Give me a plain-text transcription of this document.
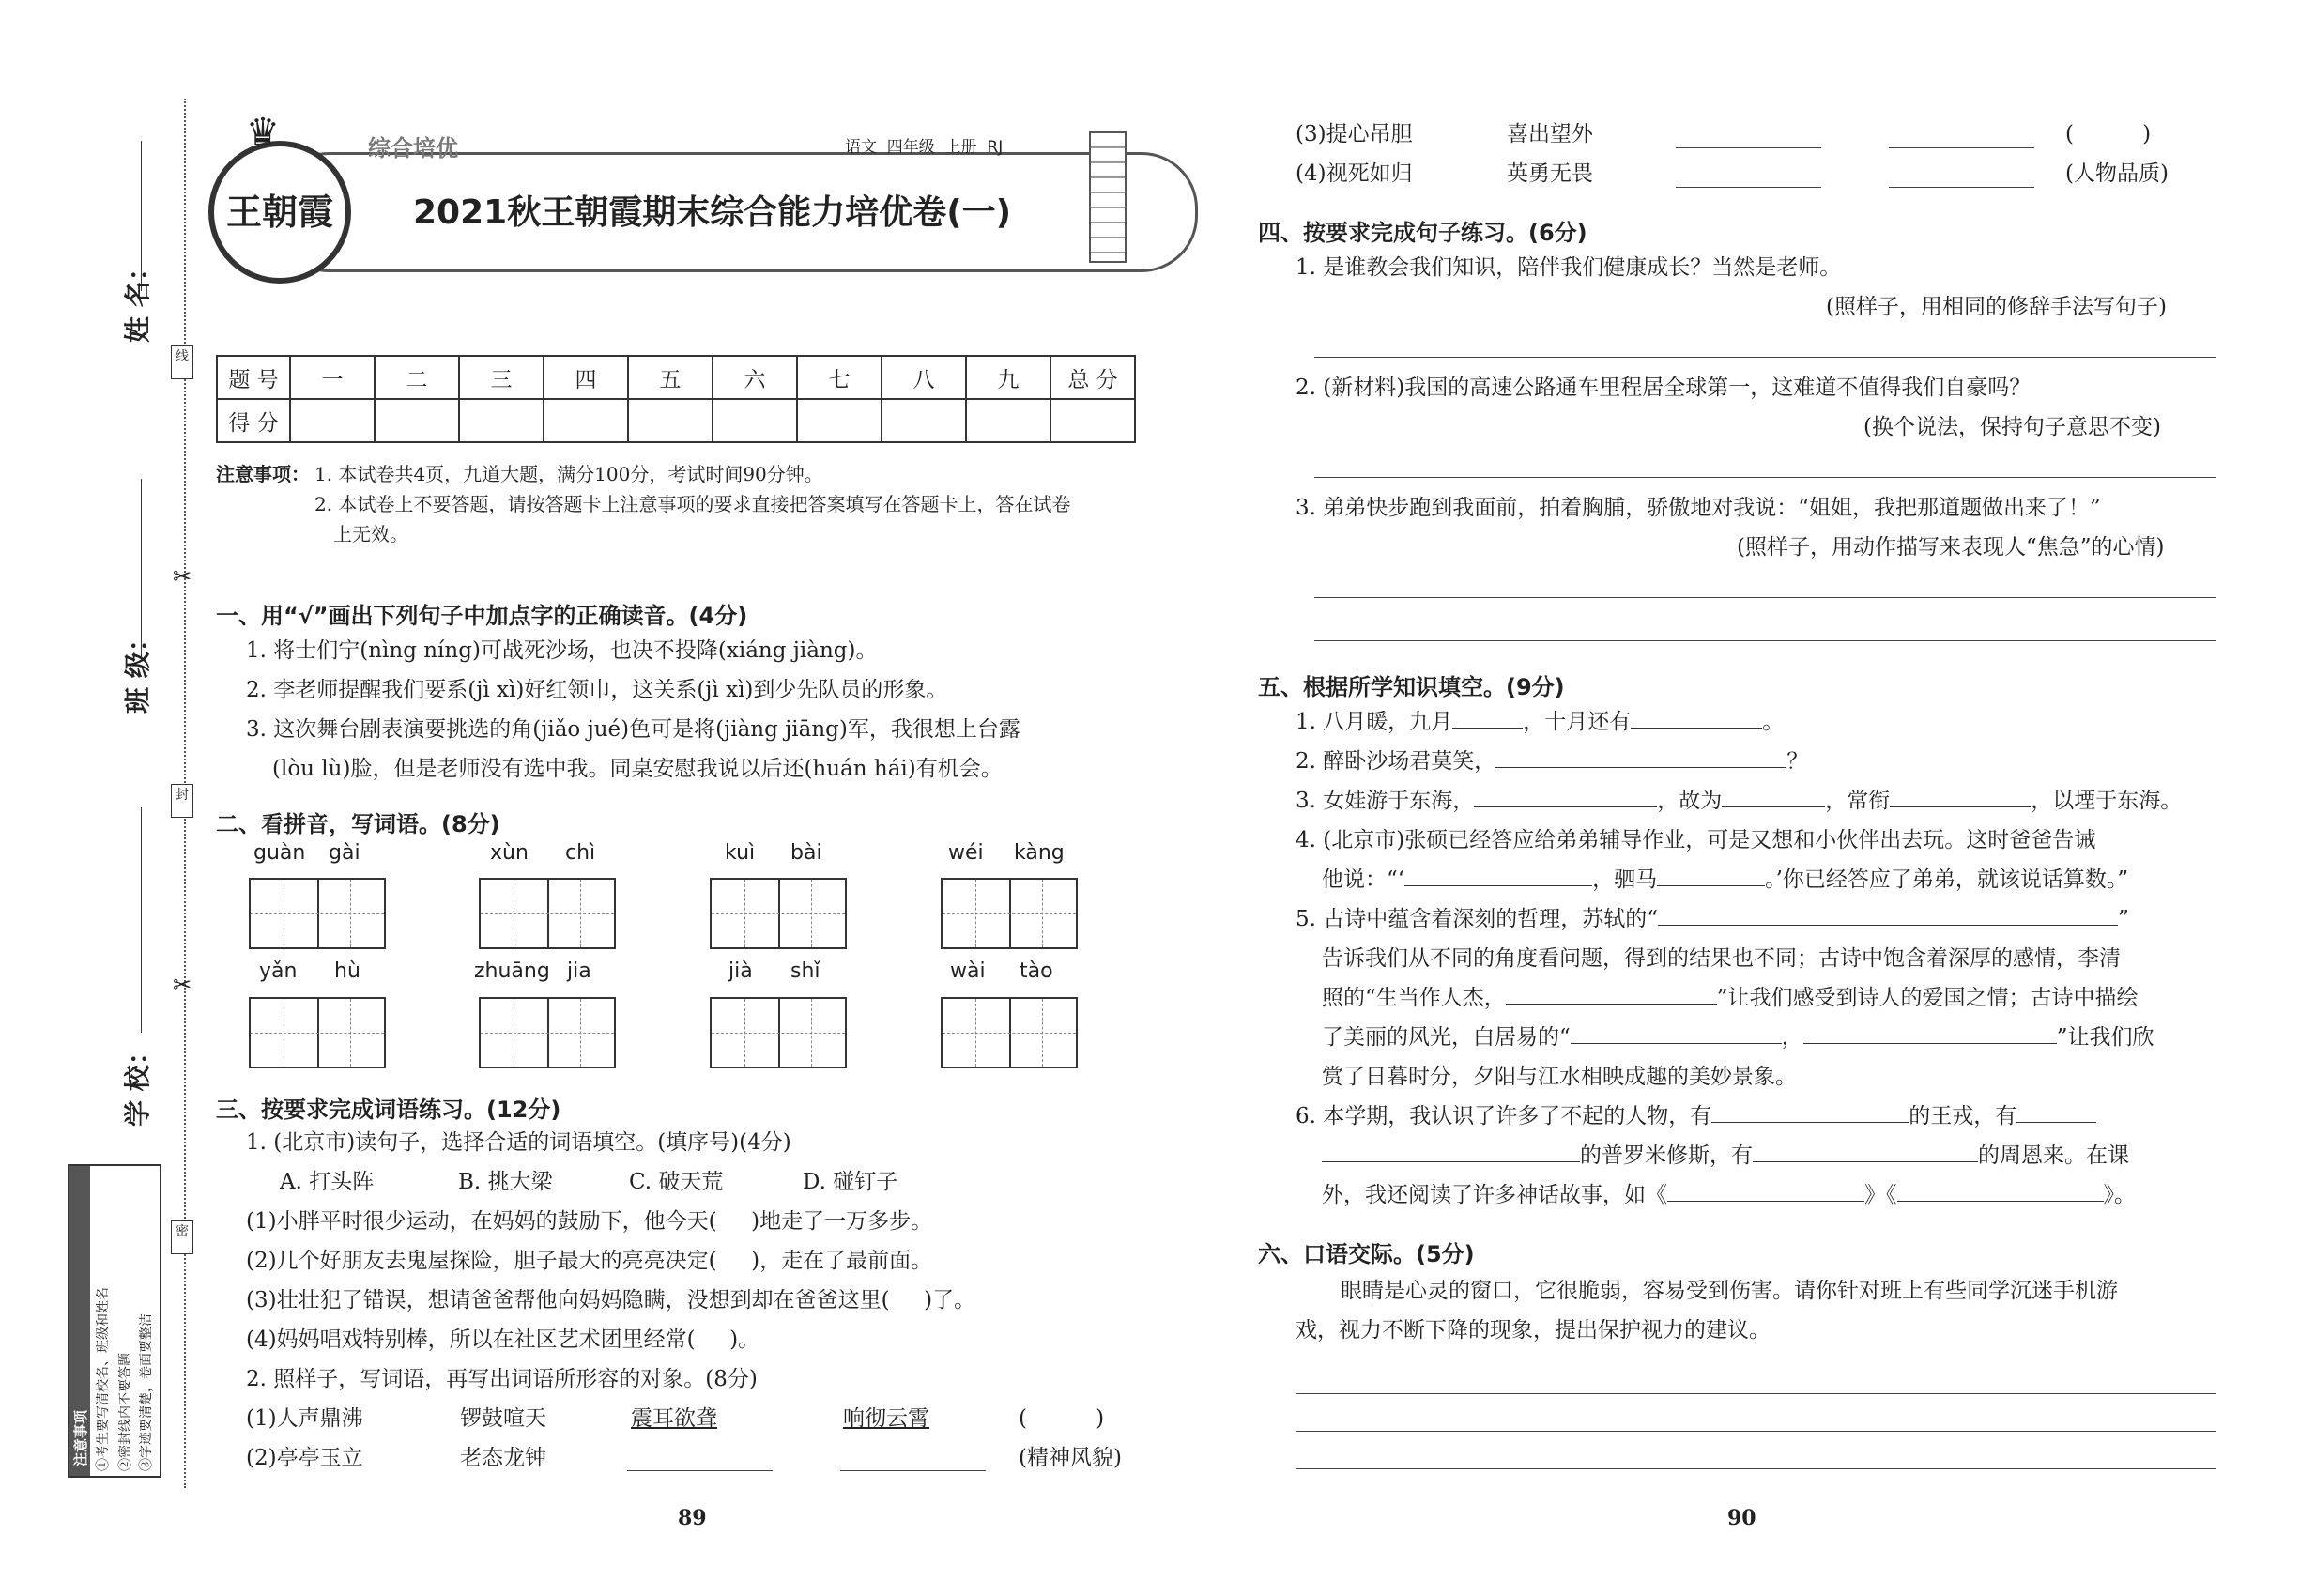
姓 名：
班 级：
学 校：
线
封
密
✂
✂
注意事项 ①考生要写清校名、班级和姓名 ②密封线内不要答题 ③字迹要清楚，卷面要整洁
王朝霞
♛	综合培优	语文  四年级  上册  RJ
2021秋王朝霞期末综合能力培优卷(一)
题 号	一	二	三	四	五	六	七	八	九	总 分
得 分										
注意事项： 1. 本试卷共4页，九道大题，满分100分，考试时间90分钟。
2. 本试卷上不要答题，请按答题卡上注意事项的要求直接把答案填写在答题卡上，答在试卷
上无效。
一、用“√”画出下列句子中加点字的正确读音。(4分)
1. 将士们宁(nìng níng)可战死沙场，也决不投降(xiáng jiàng)。
2. 李老师提醒我们要系(jì xì)好红领巾，这关系(jì xì)到少先队员的形象。
3. 这次舞台剧表演要挑选的角(jiǎo jué)色可是将(jiàng jiāng)军，我很想上台露
(lòu lù)脸，但是老师没有选中我。同桌安慰我说以后还(huán hái)有机会。
二、看拼音，写词语。(8分)
guàn gài	xùn chì	kuì bài	wéi kàng
yǎn hù	zhuāng jia	jià shǐ	wài tào
三、按要求完成词语练习。(12分)
1. (北京市)读句子，选择合适的词语填空。(填序号)(4分)
A. 打头阵	B. 挑大梁	C. 破天荒	D. 碰钉子
(1)小胖平时很少运动，在妈妈的鼓励下，他今天(     )地走了一万多步。
(2)几个好朋友去鬼屋探险，胆子最大的亮亮决定(     )，走在了最前面。
(3)壮壮犯了错误，想请爸爸帮他向妈妈隐瞒，没想到却在爸爸这里(     )了。
(4)妈妈唱戏特别棒，所以在社区艺术团里经常(     )。
2. 照样子，写词语，再写出词语所形容的对象。(8分)
(1)人声鼎沸	锣鼓喧天	震耳欲聋	响彻云霄	(          )
(2)亭亭玉立	老态龙钟	(精神风貌)
89	90
(3)提心吊胆	喜出望外	(          )
(4)视死如归	英勇无畏	(人物品质)
四、按要求完成句子练习。(6分)
1. 是谁教会我们知识，陪伴我们健康成长？当然是老师。
(照样子，用相同的修辞手法写句子)
2. (新材料)我国的高速公路通车里程居全球第一，这难道不值得我们自豪吗？
(换个说法，保持句子意思不变)
3. 弟弟快步跑到我面前，拍着胸脯，骄傲地对我说：“姐姐，我把那道题做出来了！”
(照样子，用动作描写来表现人“焦急”的心情)
五、根据所学知识填空。(9分)
1. 八月暖，九月	，十月还有	。
2. 醉卧沙场君莫笑，	？
3. 女娃游于东海，	，故为	，常衔	，以堙于东海。
4. (北京市)张硕已经答应给弟弟辅导作业，可是又想和小伙伴出去玩。这时爸爸告诫
他说：“‘	，驷马	。’你已经答应了弟弟，就该说话算数。”
5. 古诗中蕴含着深刻的哲理，苏轼的“	”
告诉我们从不同的角度看问题，得到的结果也不同；古诗中饱含着深厚的感情，李清
照的“生当作人杰，	”让我们感受到诗人的爱国之情；古诗中描绘
了美丽的风光，白居易的“	，	”让我们欣
赏了日暮时分，夕阳与江水相映成趣的美妙景象。
6. 本学期，我认识了许多了不起的人物，有	的王戎，有
的普罗米修斯，有	的周恩来。在课
外，我还阅读了许多神话故事，如《	》《	》。
六、口语交际。(5分)
眼睛是心灵的窗口，它很脆弱，容易受到伤害。请你针对班上有些同学沉迷手机游
戏，视力不断下降的现象，提出保护视力的建议。
